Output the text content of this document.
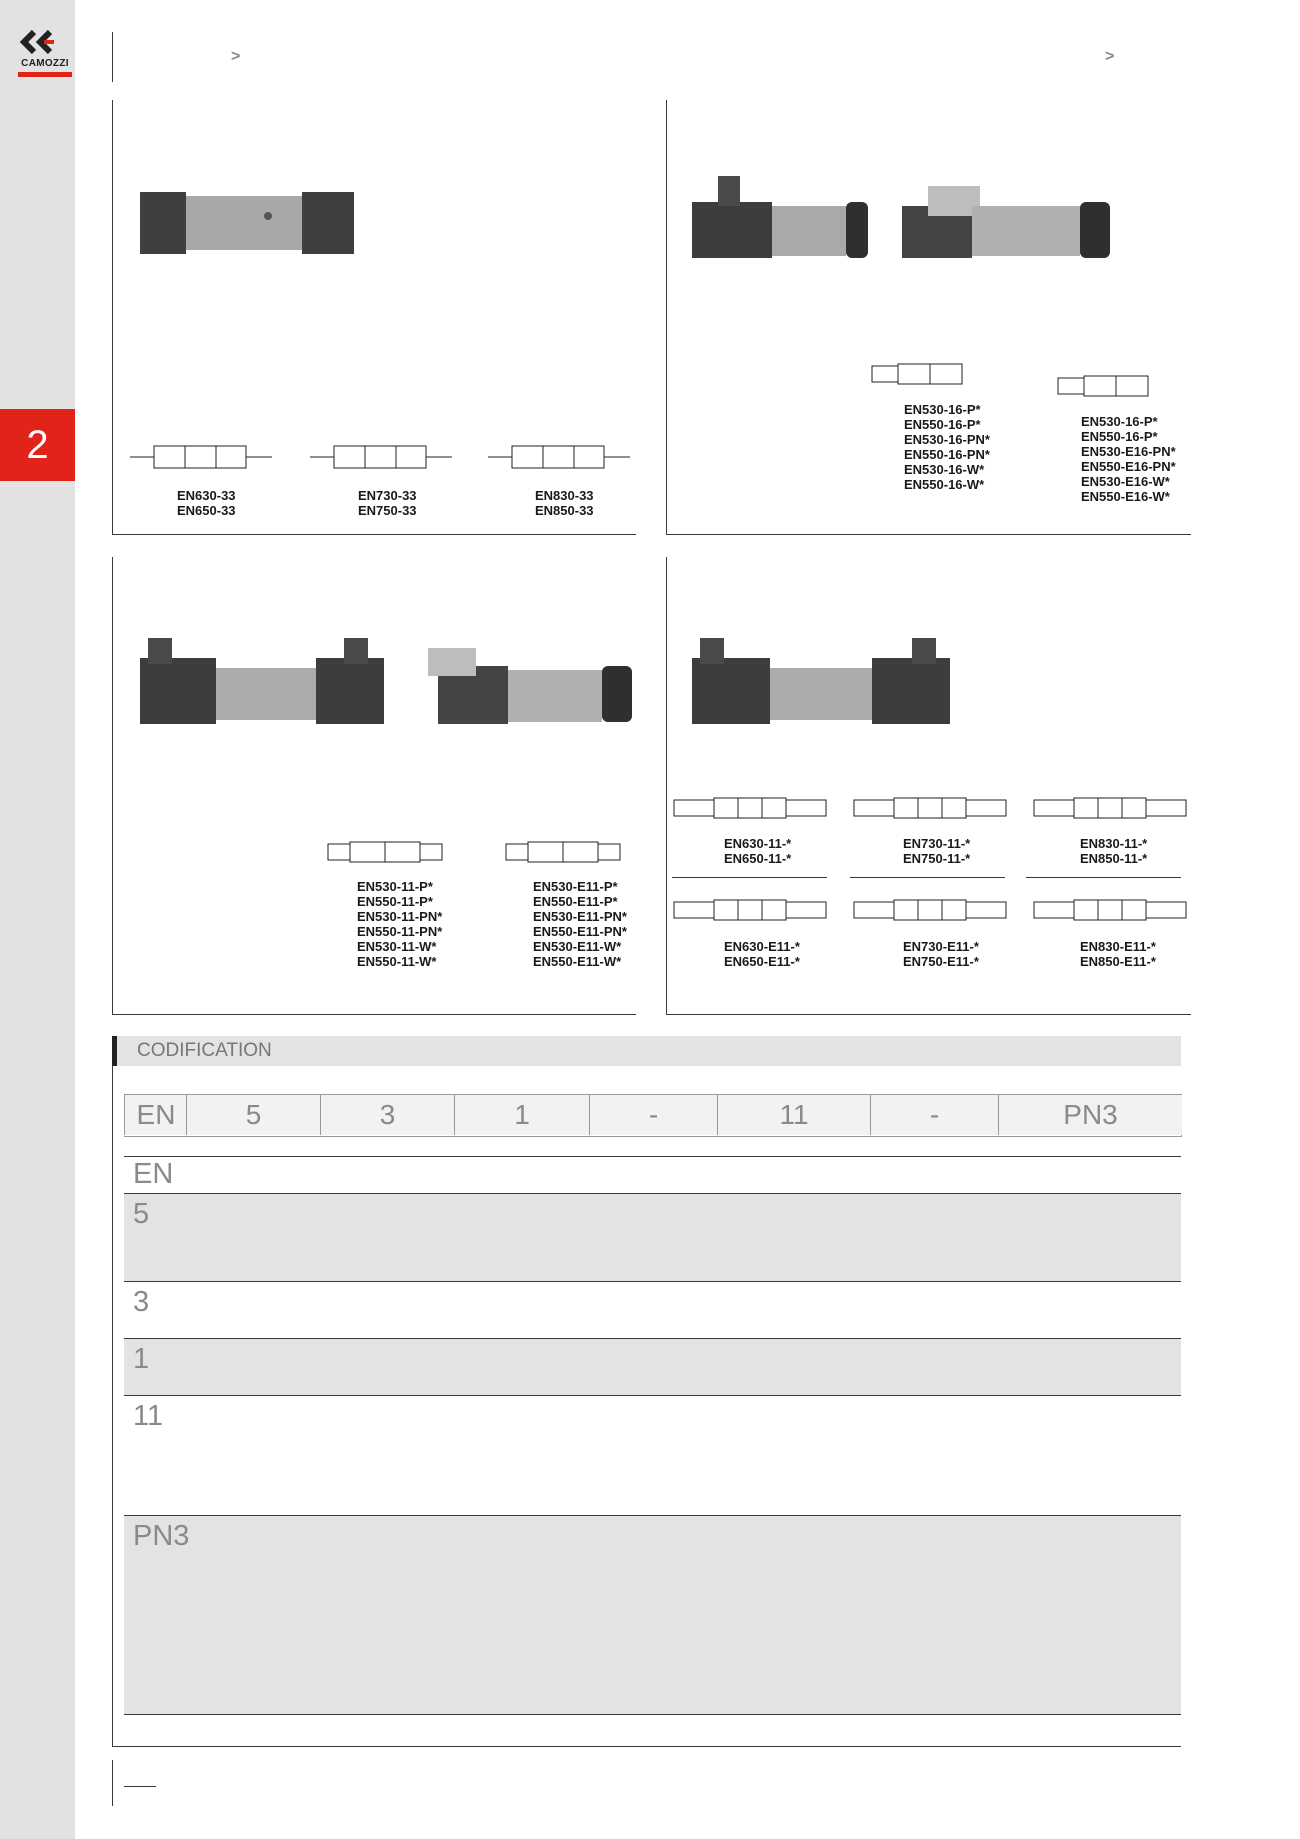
2
CAMOZZI	>	>
EN630-33
EN650-33
EN730-33
EN750-33
EN830-33
EN850-33
EN530-16-P*
EN550-16-P*
EN530-16-PN*
EN550-16-PN*
EN530-16-W*
EN550-16-W*
EN530-16-P*
EN550-16-P*
EN530-E16-PN*
EN550-E16-PN*
EN530-E16-W*
EN550-E16-W*
EN530-11-P*
EN550-11-P*
EN530-11-PN*
EN550-11-PN*
EN530-11-W*
EN550-11-W*
EN530-E11-P*
EN550-E11-P*
EN530-E11-PN*
EN550-E11-PN*
EN530-E11-W*
EN550-E11-W*
EN630-11-*
EN650-11-*
EN730-11-*
EN750-11-*
EN830-11-*
EN850-11-*
EN630-E11-*
EN650-E11-*
EN730-E11-*
EN750-E11-*
EN830-E11-*
EN850-E11-*
CODIFICATION
EN	5	3	1	-	11	-	PN3
EN
5
3
1
11
PN3
